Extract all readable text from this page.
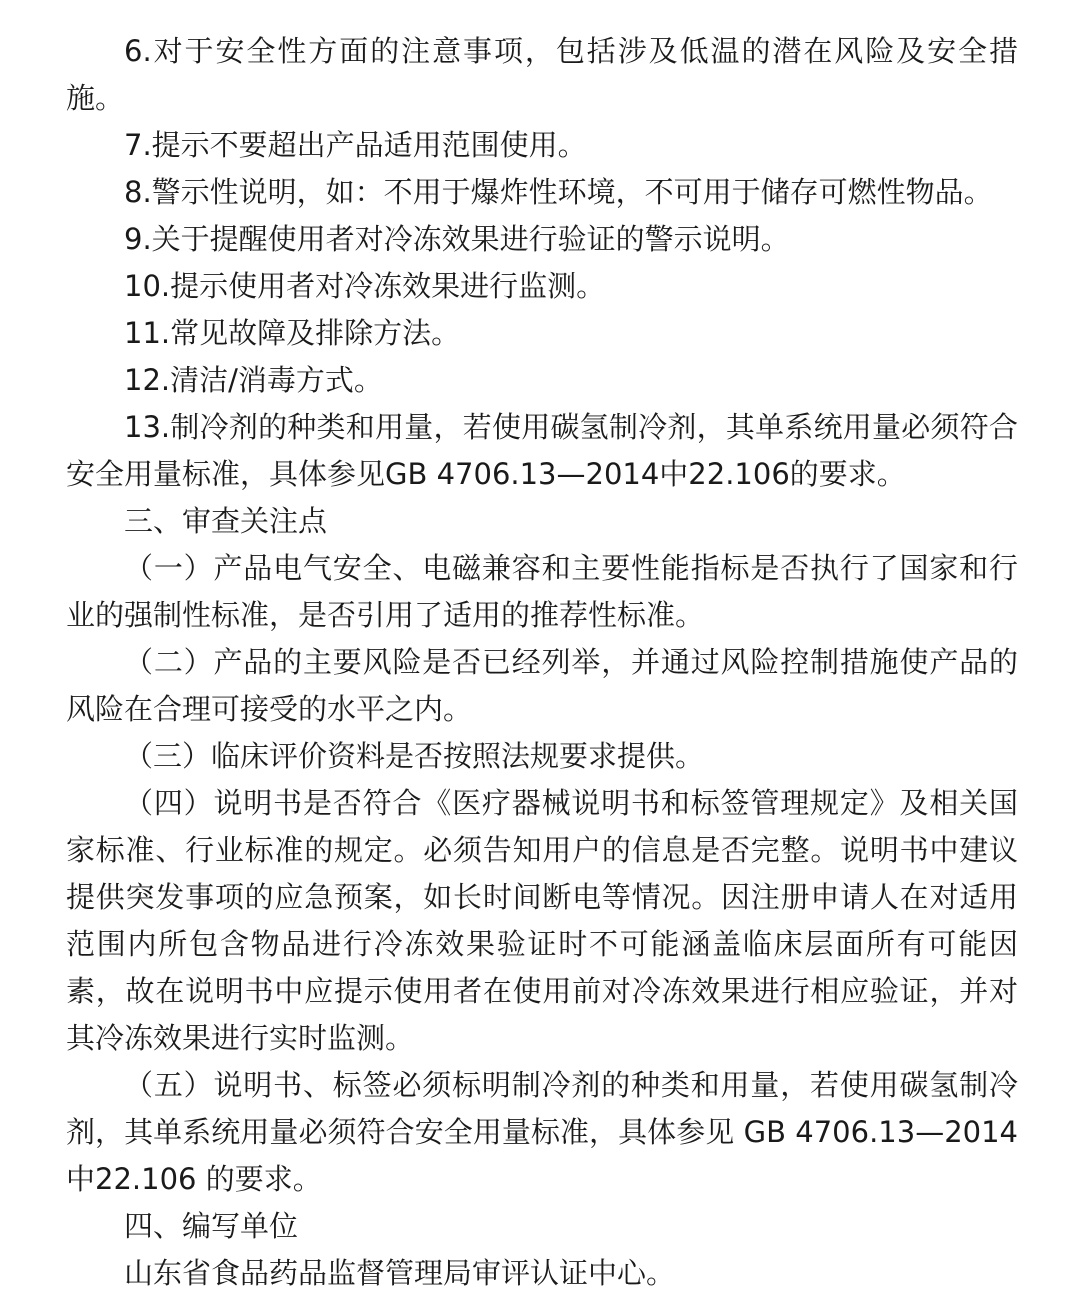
6.对于安全性方面的注意事项，包括涉及低温的潜在风险及安全措施。

7.提示不要超出产品适用范围使用。

8.警示性说明，如：不用于爆炸性环境，不可用于储存可燃性物品。

9.关于提醒使用者对冷冻效果进行验证的警示说明。

10.提示使用者对冷冻效果进行监测。

11.常见故障及排除方法。

12.清洁/消毒方式。

13.制冷剂的种类和用量，若使用碳氢制冷剂，其单系统用量必须符合安全用量标准，具体参见GB 4706.13—2014中22.106的要求。

三、审查关注点

（一）产品电气安全、电磁兼容和主要性能指标是否执行了国家和行业的强制性标准，是否引用了适用的推荐性标准。

（二）产品的主要风险是否已经列举，并通过风险控制措施使产品的风险在合理可接受的水平之内。

（三）临床评价资料是否按照法规要求提供。

（四）说明书是否符合《医疗器械说明书和标签管理规定》及相关国家标准、行业标准的规定。必须告知用户的信息是否完整。说明书中建议提供突发事项的应急预案，如长时间断电等情况。因注册申请人在对适用范围内所包含物品进行冷冻效果验证时不可能涵盖临床层面所有可能因素，故在说明书中应提示使用者在使用前对冷冻效果进行相应验证，并对其冷冻效果进行实时监测。

（五）说明书、标签必须标明制冷剂的种类和用量，若使用碳氢制冷剂，其单系统用量必须符合安全用量标准，具体参见 GB 4706.13—2014 中22.106 的要求。

四、编写单位

山东省食品药品监督管理局审评认证中心。
